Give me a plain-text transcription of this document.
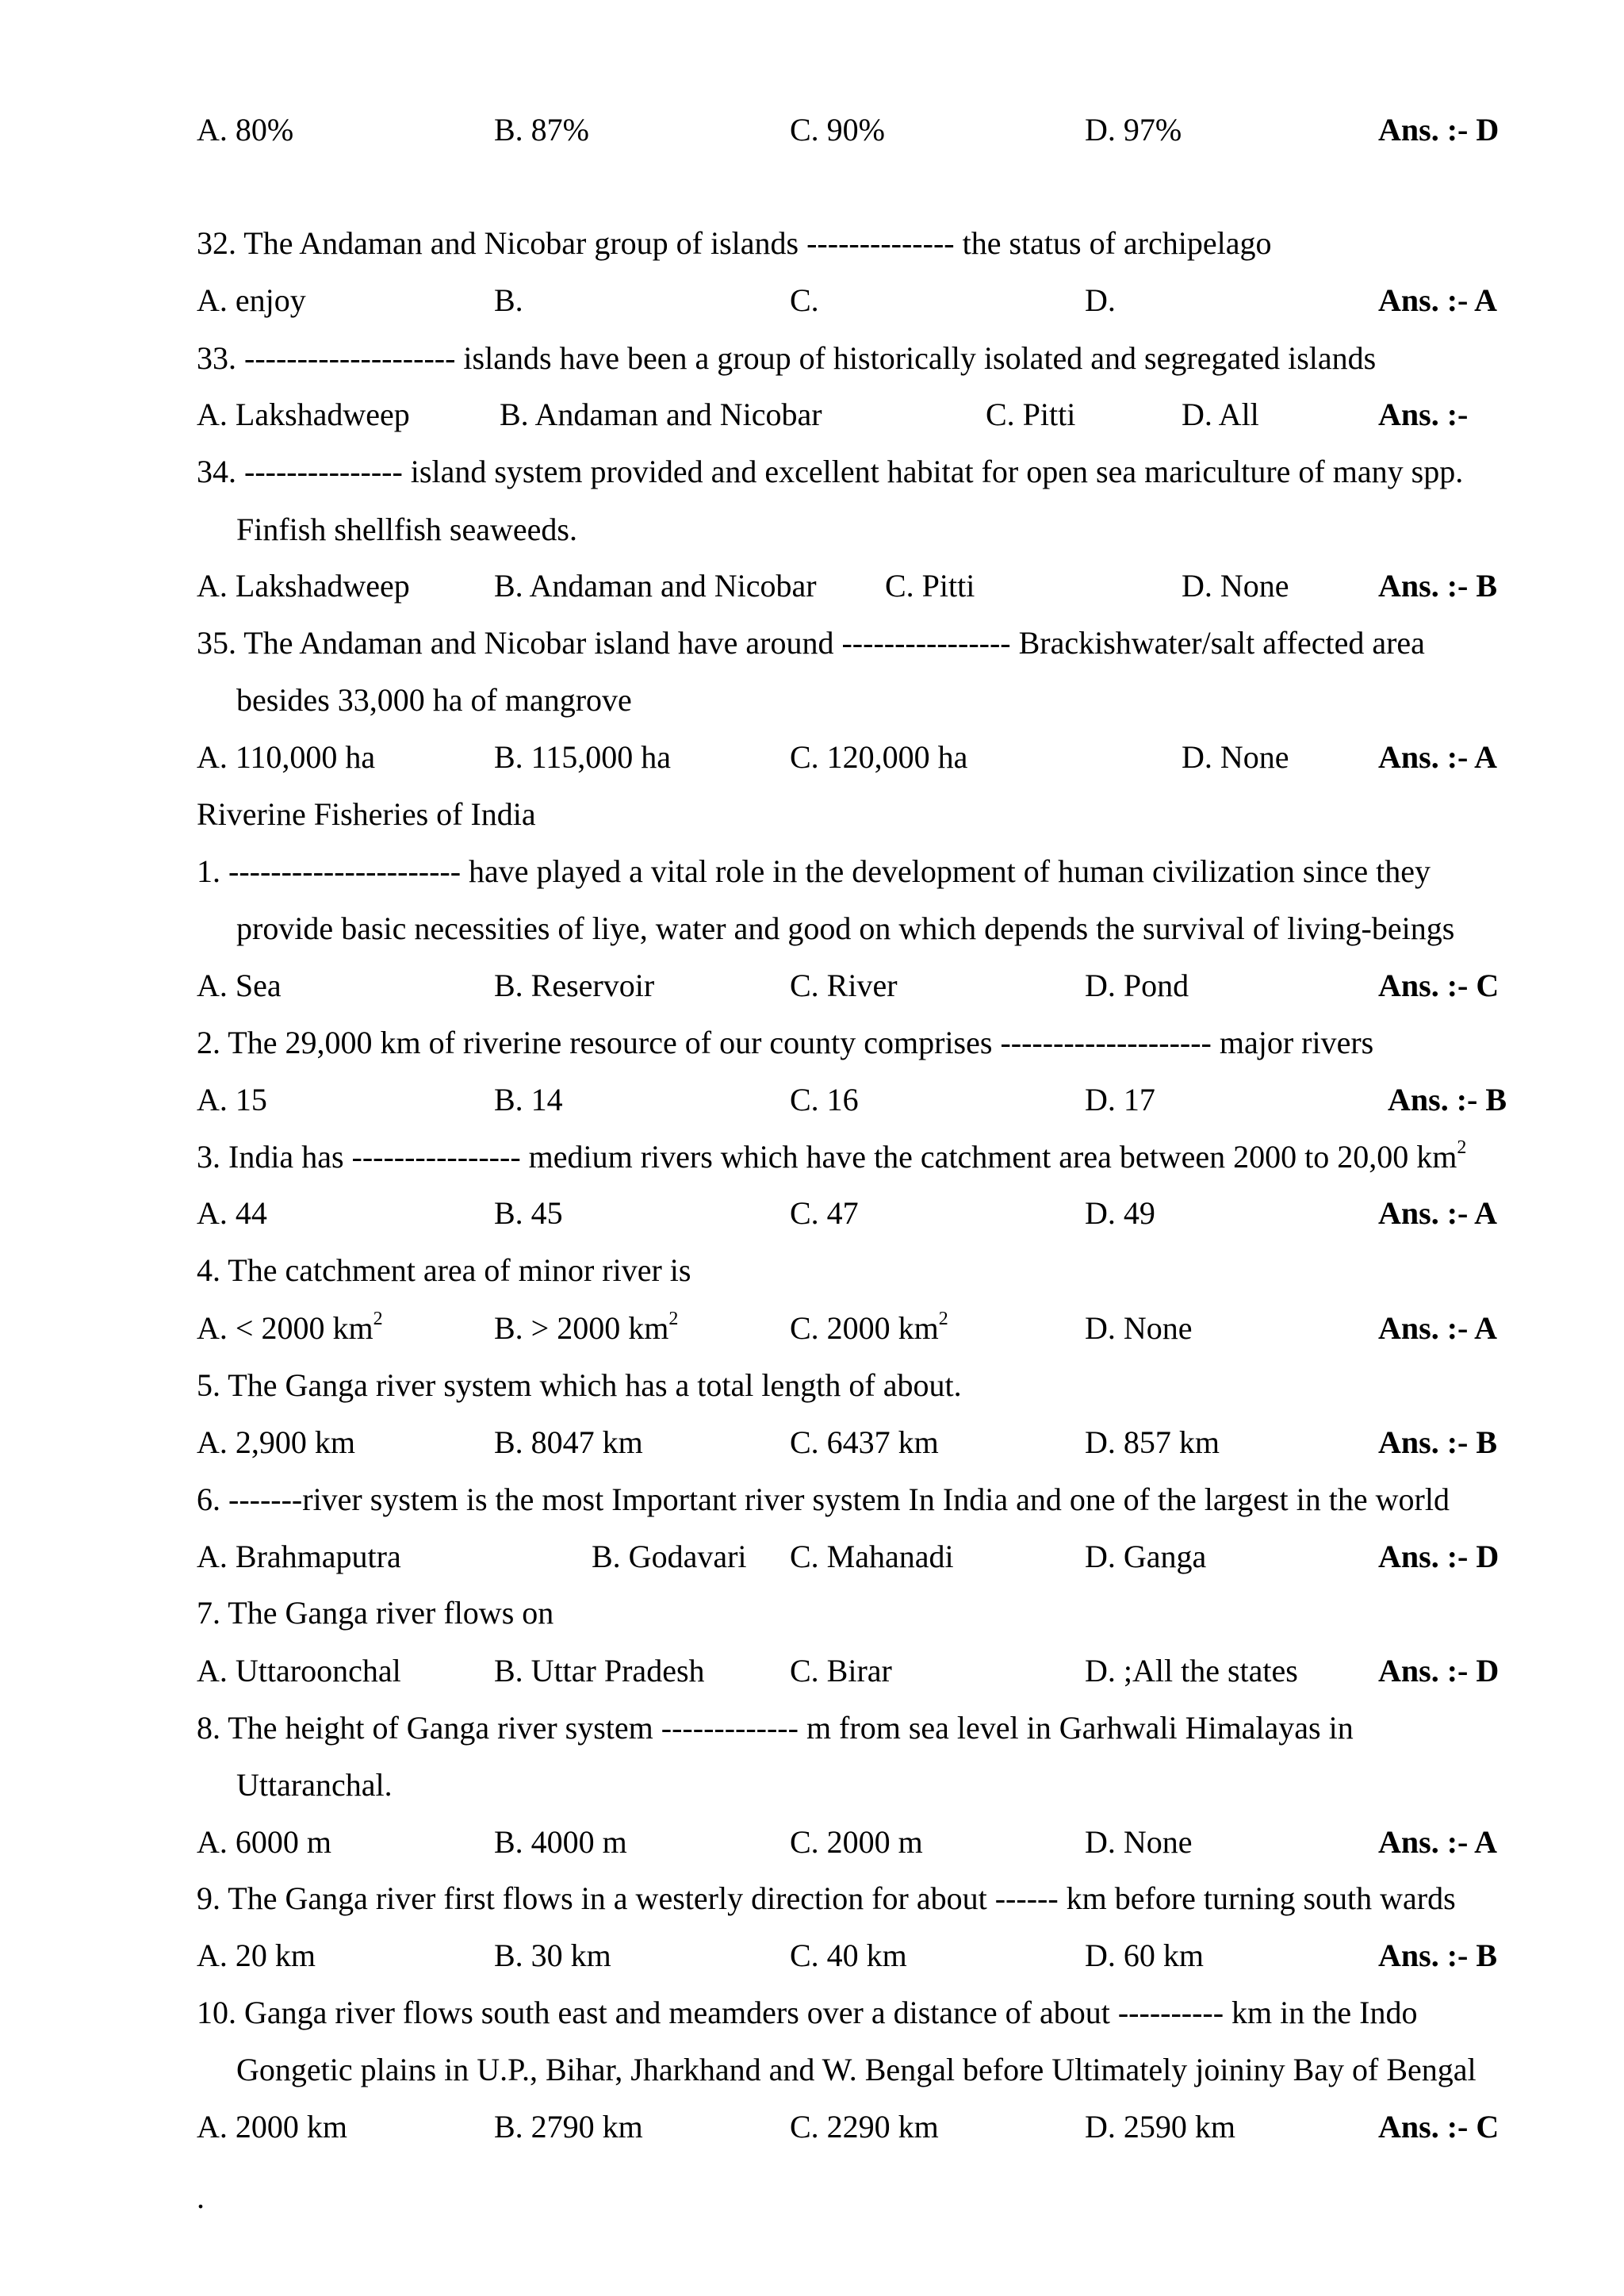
A. 80%	B. 87%	C. 90%	D. 97%	Ans. :- D
32. The Andaman and Nicobar group of islands -------------- the status of archipelago
A. enjoy	B.	C.	D.	Ans. :- A
33. -------------------- islands have been a group of historically isolated and segregated islands
A. Lakshadweep	B. Andaman and Nicobar	C. Pitti	D. All	Ans. :-
34. --------------- island system provided and excellent habitat for open sea mariculture of many spp.
Finfish shellfish seaweeds.
A. Lakshadweep	B. Andaman and Nicobar C. Pitti	D. None	Ans. :- B
35. The Andaman and Nicobar island have around ---------------- Brackishwater/salt affected area
besides 33,000 ha of mangrove
A. 110,000 ha	B. 115,000 ha	C. 120,000 ha	D. None	Ans. :- A
Riverine Fisheries of India
1. ---------------------- have played a vital role in the development of human civilization since they
provide basic necessities of liye, water and good on which depends the survival of living-beings
A. Sea	B. Reservoir	C. River	D. Pond	Ans. :- C
2. The 29,000 km of riverine resource of our county comprises -------------------- major rivers
A. 15	B. 14	C. 16	D. 17	Ans. :- B
3. India has ---------------- medium rivers which have the catchment area between 2000 to 20,00 $km^2$
A. 44	B. 45	C. 47	D. 49	Ans. :- A
4. The catchment area of minor river is
A. < 2000 $km^2$	B. > 2000 $km^2$	C. 2000 $km^2$	D. None	Ans. :- A
5. The Ganga river system which has a total length of about.
A. 2,900 km	B. 8047 km	C. 6437 km	D. 857 km	Ans. :- B
6. -------river system is the most Important river system In India and one of the largest in the world
A. Brahmaputra	B. Godavari C. Mahanadi	D. Ganga	Ans. :- D
7. The Ganga river flows on
A. Uttaroonchal	B. Uttar Pradesh	C. Birar	D. ;All the states	Ans. :- D
8. The height of Ganga river system ------------- m from sea level in Garhwali Himalayas in
Uttaranchal.
A. 6000 m	B. 4000 m	C. 2000 m	D. None	Ans. :- A
9. The Ganga river first flows in a westerly direction for about ------ km before turning south wards
A. 20 km	B. 30 km	C. 40 km	D. 60 km	Ans. :- B
10. Ganga river flows south east and meamders over a distance of about ---------- km in the Indo
Gongetic plains in U.P., Bihar, Jharkhand and W. Bengal before Ultimately joininy Bay of Bengal
A. 2000 km	B. 2790 km	C. 2290 km	D. 2590 km	Ans. :- C
.
